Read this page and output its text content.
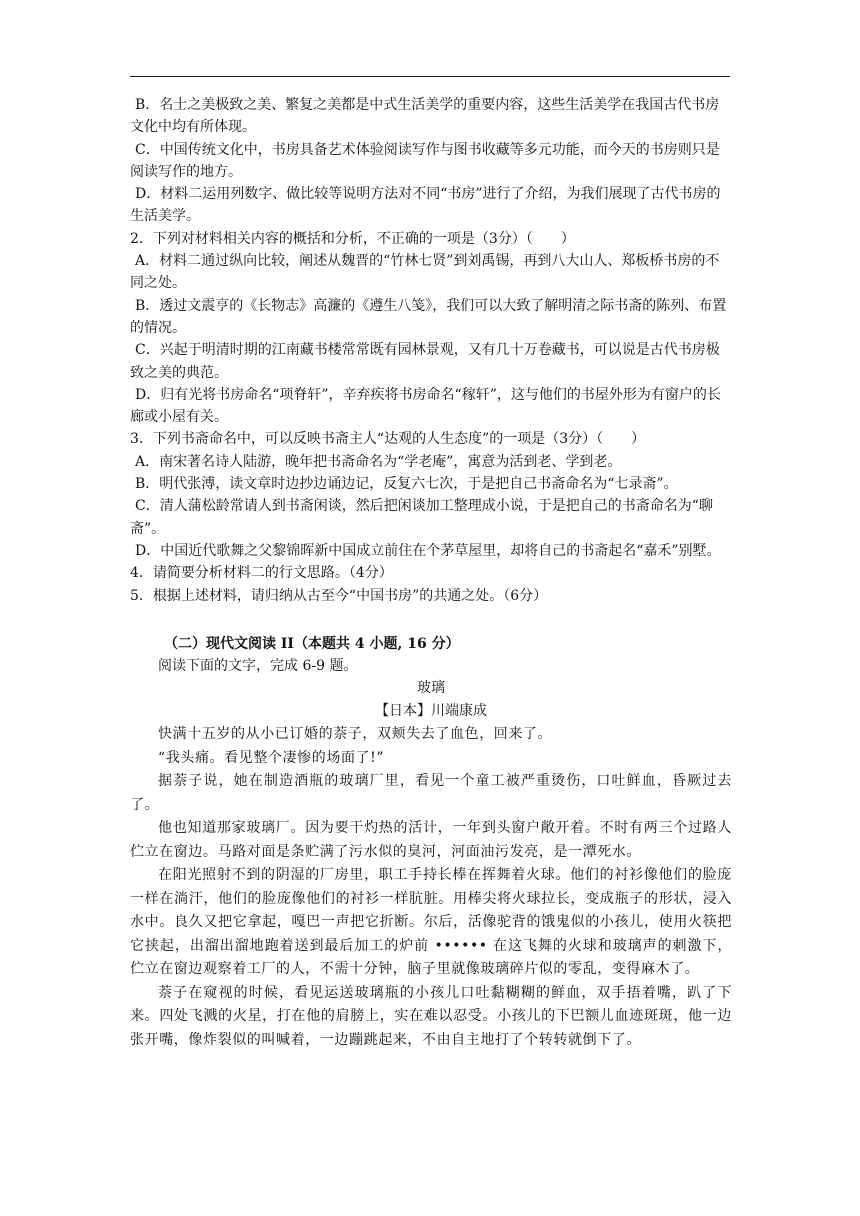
B．名士之美极致之美、繁复之美都是中式生活美学的重要内容，这些生活美学在我国古代书房文化中均有所体现。

C．中国传统文化中，书房具备艺术体验阅读写作与图书收藏等多元功能，而今天的书房则只是阅读写作的地方。

D．材料二运用列数字、做比较等说明方法对不同“书房”进行了介绍，为我们展现了古代书房的生活美学。

2．下列对材料相关内容的概括和分析，不正确的一项是（3分）（　　）

A．材料二通过纵向比较，阐述从魏晋的“竹林七贤”到刘禹锡，再到八大山人、郑板桥书房的不同之处。

B．透过文震亨的《长物志》高濂的《遵生八笺》，我们可以大致了解明清之际书斋的陈列、布置的情况。

C．兴起于明清时期的江南藏书楼常常既有园林景观，又有几十万卷藏书，可以说是古代书房极致之美的典范。

D．归有光将书房命名“项脊轩”，辛弃疾将书房命名“稼轩”，这与他们的书屋外形为有窗户的长廊或小屋有关。

3．下列书斋命名中，可以反映书斋主人“达观的人生态度”的一项是（3分）（　　）

A．南宋著名诗人陆游，晚年把书斋命名为“学老庵”，寓意为活到老、学到老。

B．明代张溥，读文章时边抄边诵边记，反复六七次，于是把自己书斋命名为“七录斋”。

C．清人蒲松龄常请人到书斋闲谈，然后把闲谈加工整理成小说，于是把自己的书斋命名为“聊斋”。

D．中国近代歌舞之父黎锦晖新中国成立前住在个茅草屋里，却将自己的书斋起名“嘉禾”别墅。

4．请简要分析材料二的行文思路。（4分）

5．根据上述材料，请归纳从古至今“中国书房”的共通之处。（6分）

（二）现代文阅读 II（本题共 4 小题, 16 分）

阅读下面的文字，完成 6-9 题。

玻璃

【日本】川端康成

快满十五岁的从小已订婚的萘子，双颊失去了血色，回来了。

“我头痛。看见整个凄惨的场面了!”

据萘子说，她在制造酒瓶的玻璃厂里，看见一个童工被严重烫伤，口吐鲜血，昏厥过去了。

他也知道那家玻璃厂。因为要干灼热的活计，一年到头窗户敞开着。不时有两三个过路人伫立在窗边。马路对面是条贮满了污水似的臭河，河面油污发亮，是一潭死水。

在阳光照射不到的阴湿的厂房里，职工手持长棒在挥舞着火球。他们的衬衫像他们的脸庞一样在淌汗，他们的脸庞像他们的衬衫一样肮脏。用棒尖将火球拉长，变成瓶子的形状，浸入水中。良久又把它拿起，嘎巴一声把它折断。尔后，活像驼背的饿鬼似的小孩儿，使用火筷把它挟起，出溜出溜地跑着送到最后加工的炉前 •••••• 在这飞舞的火球和玻璃声的刺激下，伫立在窗边观察着工厂的人，不需十分钟，脑子里就像玻璃碎片似的零乱，变得麻木了。

萘子在窥视的时候，看见运送玻璃瓶的小孩儿口吐黏糊糊的鲜血，双手捂着嘴，趴了下来。四处飞溅的火星，打在他的肩膀上，实在难以忍受。小孩儿的下巴额儿血迹斑斑，他一边张开嘴，像炸裂似的叫喊着，一边蹦跳起来，不由自主地打了个转转就倒下了。
